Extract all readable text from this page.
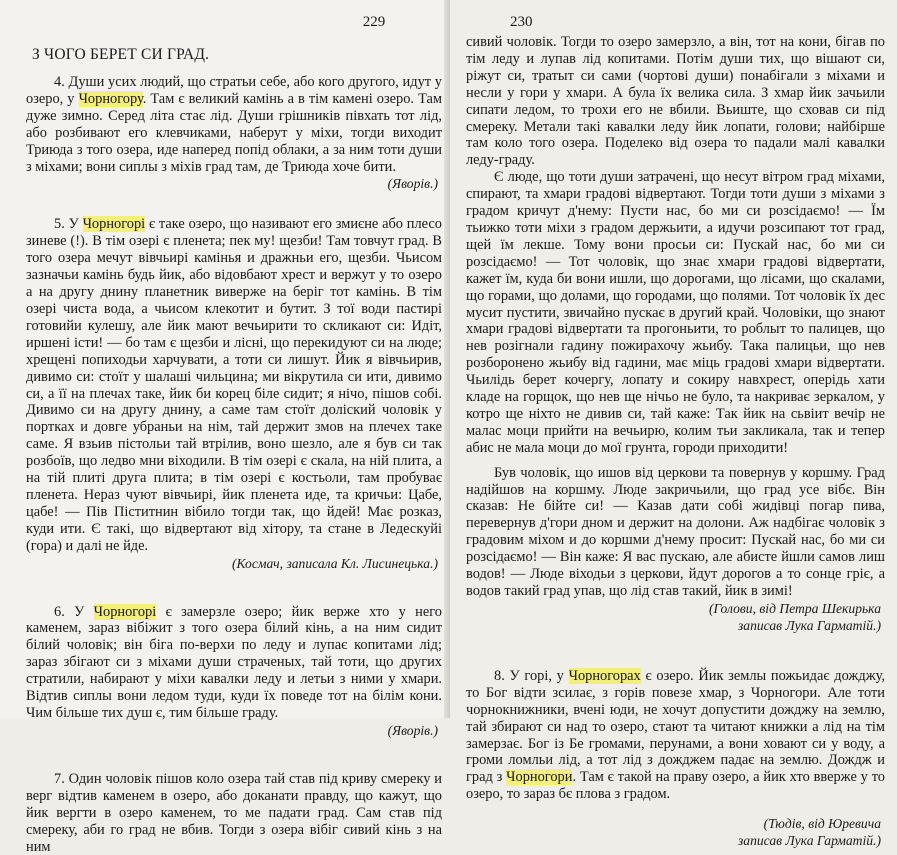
229
З ЧОГО БЕРЕТ СИ ГРАД.

4. Души усих людий, що стратьи себе, або кого другого, идут у озеро, у Чорногору. Там є великий камінь а в тім камені озеро. Там дуже зимно. Серед літа стає лід. Души грішників півхать тот лід, або розбивают его клевчиками, наберут у міхи, тогди виходит Триюда з того озера, иде наперед попід облаки, а за ним тоти души з міхами; вони сиплы з міхів град там, де Триюда хоче бити.

(Яворів.)

5. У Чорногорі є таке озеро, що називают его змиєне або плесо зиневе (!). В тім озері є пленета; пек му! щезби! Там товчут град. В того озера мечут вівчьирі камінья и дражньи его, щезби. Чьисом зазначьи камінь будь йик, або відовбают хрест и вержут у то озеро а на другу днину планетник виверже на беріг тот камінь. В тім озері чиста вода, а чьисом клекотит и бутит. З тої води пастирі готовийи кулешу, але йик мают вечьирити то скликают си: Идіт, иршені істи! — бо там є щезби и лісні, що перекидуют си на люде; хрещені попиходьи харчувати, а тоти си лишут. Йик я вівчьирив, дивимо си: стоїт у шалаші чильцина; ми вікрутила си ити, дивимо си, а її на плечах таке, йик би корец біле сидит; я нічо, пішов собі. Дивимо си на другу днину, а саме там стоїт доліский чоловік у портках и довге убраньи на нім, тай держит змов на плечех таке саме. Я взьив пістольи тай втрілив, воно шезло, але я був си так розбоїв, що ледво мни віходили. В тім озері є скала, на ній плита, а на тій плиті друга плита; в тім озері є костьоли, там пробуває пленета. Нераз чуют вівчьирі, йик пленета иде, та кричьи: Цабе, цабе! — Пів Піститнин вібило тогди так, що йдей! Має розказ, куди ити. Є такі, що відвертают від хітору, та стане в Ледескуйі (гора) и далі не йде.

(Космач, записала Кл. Лисинецька.)

6. У Чорногорі є замерзле озеро; йик верже хто у него каменем, зараз вібіжит з того озера білий кінь, а на ним сидит білий чоловік; він біга по-верхи по леду и лупає копитами лід; зараз збігают си з міхами души страченых, тай тоти, що других стратили, набирают у міхи кавалки леду и летьи з ними у хмари. Відтив сиплы вони ледом туди, куди їх поведе тот на білім кони. Чим більше тих душ є, тим більше граду.

(Яворів.)

7. Один чоловік пішов коло озера тай став під криву смереку и верг відтив каменем в озеро, або доканати правду, що кажут, що йик вергти в озеро каменем, то ме падати град. Сам став під смереку, аби го град не вбив. Тогди з озера вібіг сивий кінь з на ним

230

сивий чоловік. Тогди то озеро замерзло, а він, тот на кони, бігав по тім леду и лупав лід копитами. Потім души тих, що вішают си, ріжут си, тратыт си сами (чортові души) понабігали з міхами и несли у гори у хмари. А була їх велика сила. З хмар йик зачьили сипати ледом, то трохи его не вбили. Вьиште, що сховав си під смереку. Метали такі кавалки леду йик лопати, голови; найбірше там коло того озера. Поделеко від озера то падали малі кавалки леду-граду.

Є люде, що тоти души затрачені, що несут вітром град міхами, спирают, та хмари градові відвертают. Тогди тоти души з міхами з градом кричут д'нему: Пусти нас, бо ми си розсідаємо! — Їм тьижко тоти міхи з градом держьити, а идучи розсипают тот град, щей їм лекше. Тому вони просьи си: Пускай нас, бо ми си розсідаємо! — Тот чоловік, що знає хмари градові відвертати, кажет їм, куда би вони ишли, що дорогами, що лісами, що скалами, що горами, що долами, що городами, що полями. Тот чоловік їх дес мусит пустити, звичайно пускає в другий край. Чоловіки, що знают хмари градові відвертати та прогоньити, то роблыт то палицев, що нев розігнали гадину пожирахочу жьибу. Така палицьи, що нев розборонено жьибу від гадини, має міць градові хмари відвертати. Чьилідь берет кочергу, лопату и сокиру навхрест, оперідь хати кладе на горщок, що нев ще нічьо не було, та накриває зеркалом, у котро ще ніхто не дивив си, тай каже: Так йик на сьвіит вечір не малас моци прийти на вечьирю, колим тьи закликала, так и тепер абис не мала моци до мої грунта, городи приходити!

Був чоловік, що ишов від церкови та повернув у коршму. Град надійшов на коршму. Люде закричьили, що град усе вібє. Він сказав: Не бійте си! — Казав дати собі жидівці погар пива, перевернув д'гори дном и держит на долони. Аж надбігає чоловік з градовим міхом и до коршми д'нему просит: Пускай нас, бо ми си розсідаємо! — Він каже: Я вас пускаю, але абисте йшли самов лиш водов! — Люде віходьи з церкови, йдут дорогов а то сонце гріє, а водов такий град упав, що лід став такий, йик в зимі!

(Голови, від Петра Шекирька
записав Лука Гарматій.)

8. У горі, у Чорногорах є озеро. Йик землы пожьидає дожджу, то Бог відти зсилає, з горів повезе хмар, з Чорногори. Але тоти чорнокнижники, вчені юди, не хочут допустити дожджу на землю, тай збирают си над то озеро, стают та читают книжки а лід на тім замерзає. Бог із Бе громами, перунами, а вони ховают си у воду, а громи ломльи лід, а тот лід з дожджем падає на землю. Дождж и град з Чорногори. Там є такой на праву озеро, а йик хто вверже у то озеро, то зараз бє плова з градом.

(Тюдів, від Юревича
записав Лука Гарматій.)
